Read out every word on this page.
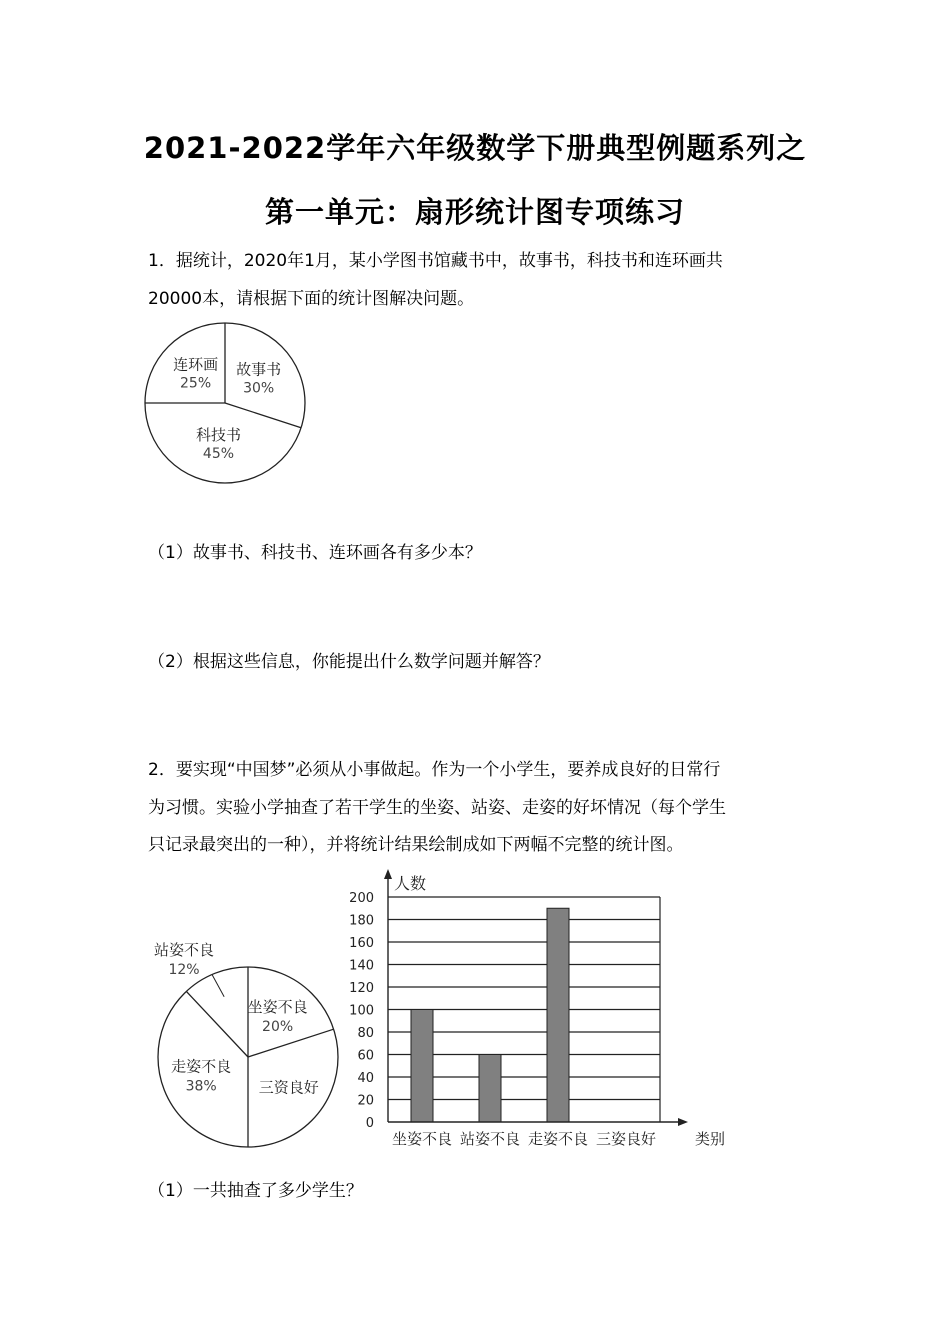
2021-2022学年六年级数学下册典型例题系列之
第一单元：扇形统计图专项练习
1．据统计，2020年1月，某小学图书馆藏书中，故事书，科技书和连环画共
20000本，请根据下面的统计图解决问题。
故事书
30%
科技书
45%
连环画
25%
（1）故事书、科技书、连环画各有多少本？
（2）根据这些信息，你能提出什么数学问题并解答？
2．要实现“中国梦”必须从小事做起。作为一个小学生，要养成良好的日常行
为习惯。实验小学抽查了若干学生的坐姿、站姿、走姿的好坏情况（每个学生
只记录最突出的一种），并将统计结果绘制成如下两幅不完整的统计图。
坐姿不良
20%
三资良好
走姿不良
38%
站姿不良
12%
0
20
40
60
80
100
120
140
160
180
200
坐姿不良 站姿不良 走姿不良 三姿良好
人数
类别
（1）一共抽查了多少学生？
